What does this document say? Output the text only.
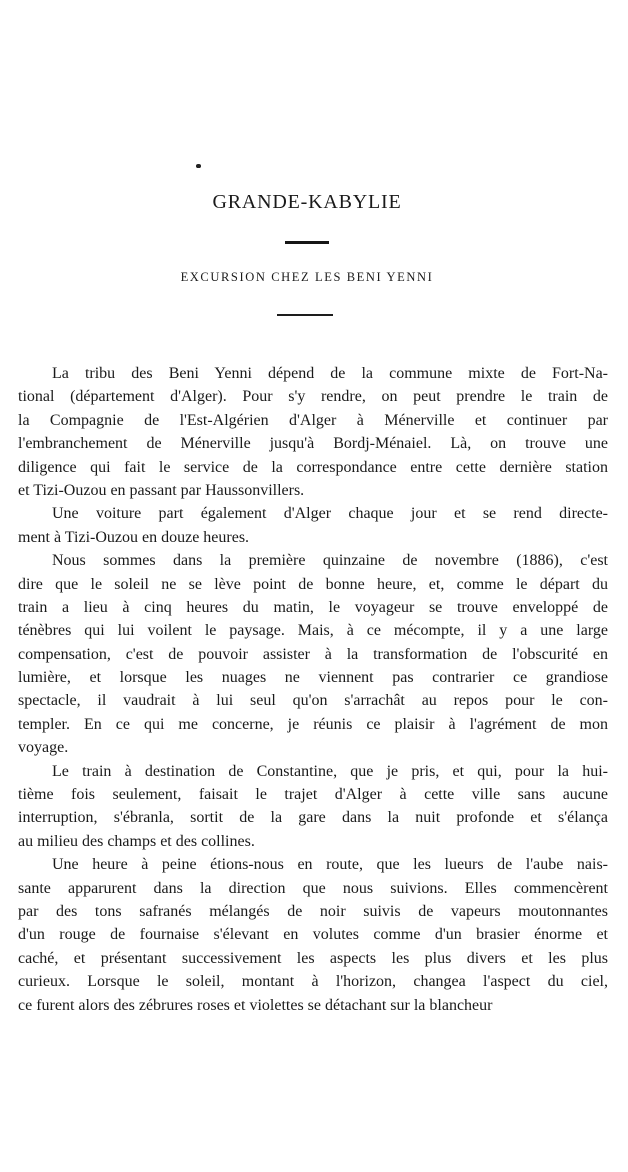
GRANDE-KABYLIE
EXCURSION CHEZ LES BENI YENNI

La tribu des Beni Yenni dépend de la commune mixte de Fort-Na-
tional (département d'Alger). Pour s'y rendre, on peut prendre le train de
la Compagnie de l'Est-Algérien d'Alger à Ménerville et continuer par
l'embranchement de Ménerville jusqu'à Bordj-Ménaiel. Là, on trouve une
diligence qui fait le service de la correspondance entre cette dernière station
et Tizi-Ouzou en passant par Haussonvillers.

Une voiture part également d'Alger chaque jour et se rend directe-
ment à Tizi-Ouzou en douze heures.

Nous sommes dans la première quinzaine de novembre (1886), c'est
dire que le soleil ne se lève point de bonne heure, et, comme le départ du
train a lieu à cinq heures du matin, le voyageur se trouve enveloppé de
ténèbres qui lui voilent le paysage. Mais, à ce mécompte, il y a une large
compensation, c'est de pouvoir assister à la transformation de l'obscurité en
lumière, et lorsque les nuages ne viennent pas contrarier ce grandiose
spectacle, il vaudrait à lui seul qu'on s'arrachât au repos pour le con-
templer. En ce qui me concerne, je réunis ce plaisir à l'agrément de mon
voyage.

Le train à destination de Constantine, que je pris, et qui, pour la hui-
tième fois seulement, faisait le trajet d'Alger à cette ville sans aucune
interruption, s'ébranla, sortit de la gare dans la nuit profonde et s'élança
au milieu des champs et des collines.

Une heure à peine étions-nous en route, que les lueurs de l'aube nais-
sante apparurent dans la direction que nous suivions. Elles commencèrent
par des tons safranés mélangés de noir suivis de vapeurs moutonnantes
d'un rouge de fournaise s'élevant en volutes comme d'un brasier énorme et
caché, et présentant successivement les aspects les plus divers et les plus
curieux. Lorsque le soleil, montant à l'horizon, changea l'aspect du ciel,
ce furent alors des zébrures roses et violettes se détachant sur la blancheur
